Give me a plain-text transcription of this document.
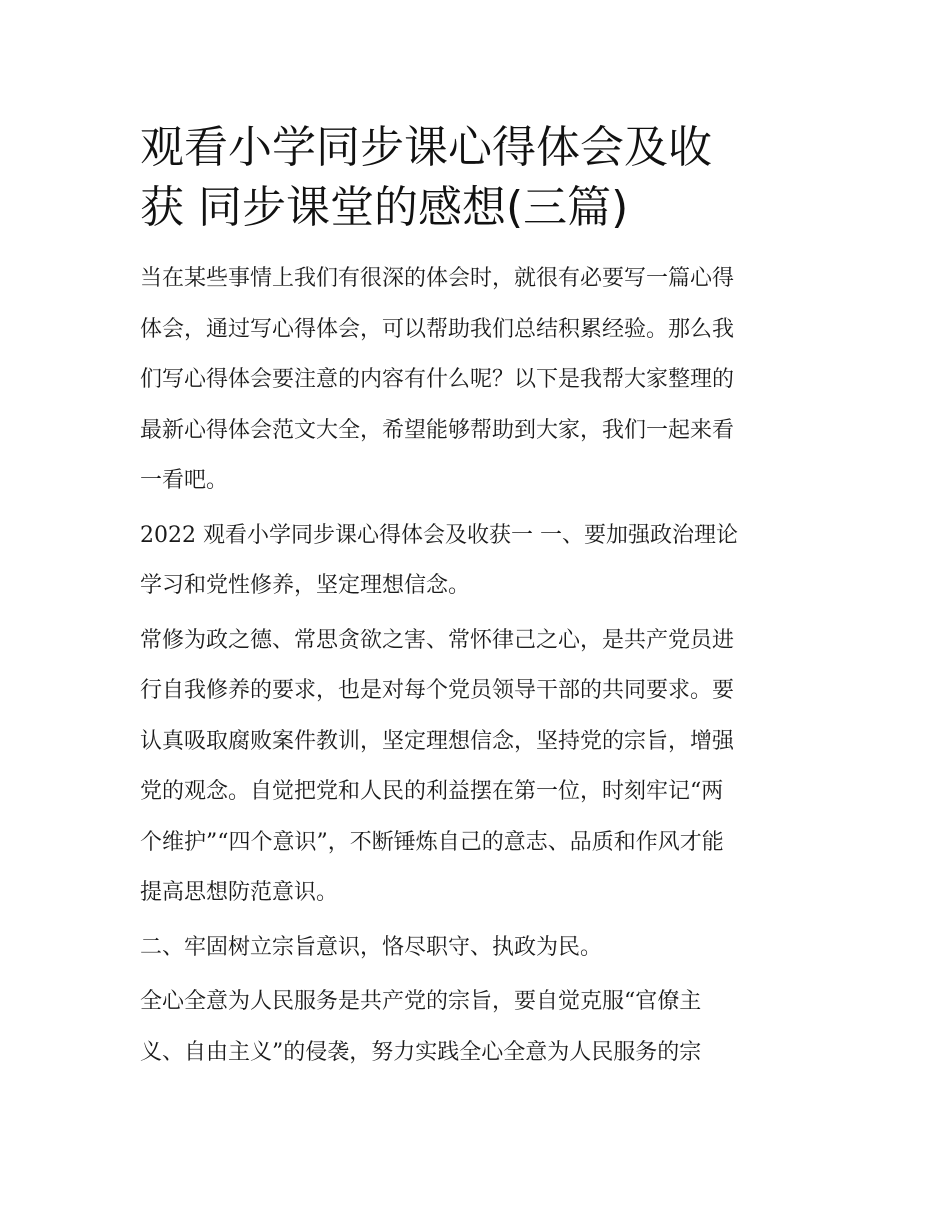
观看小学同步课心得体会及收
获 同步课堂的感想(三篇)
当在某些事情上我们有很深的体会时，就很有必要写一篇心得
体会，通过写心得体会，可以帮助我们总结积累经验。那么我
们写心得体会要注意的内容有什么呢？以下是我帮大家整理的
最新心得体会范文大全，希望能够帮助到大家，我们一起来看
一看吧。
2022 观看小学同步课心得体会及收获一 一、要加强政治理论
学习和党性修养，坚定理想信念。
常修为政之德、常思贪欲之害、常怀律己之心，是共产党员进
行自我修养的要求，也是对每个党员领导干部的共同要求。要
认真吸取腐败案件教训，坚定理想信念，坚持党的宗旨，增强
党的观念。自觉把党和人民的利益摆在第一位，时刻牢记“两
个维护”“四个意识”，不断锤炼自己的意志、品质和作风才能
提高思想防范意识。
二、牢固树立宗旨意识，恪尽职守、执政为民。
全心全意为人民服务是共产党的宗旨，要自觉克服“官僚主
义、自由主义”的侵袭，努力实践全心全意为人民服务的宗
